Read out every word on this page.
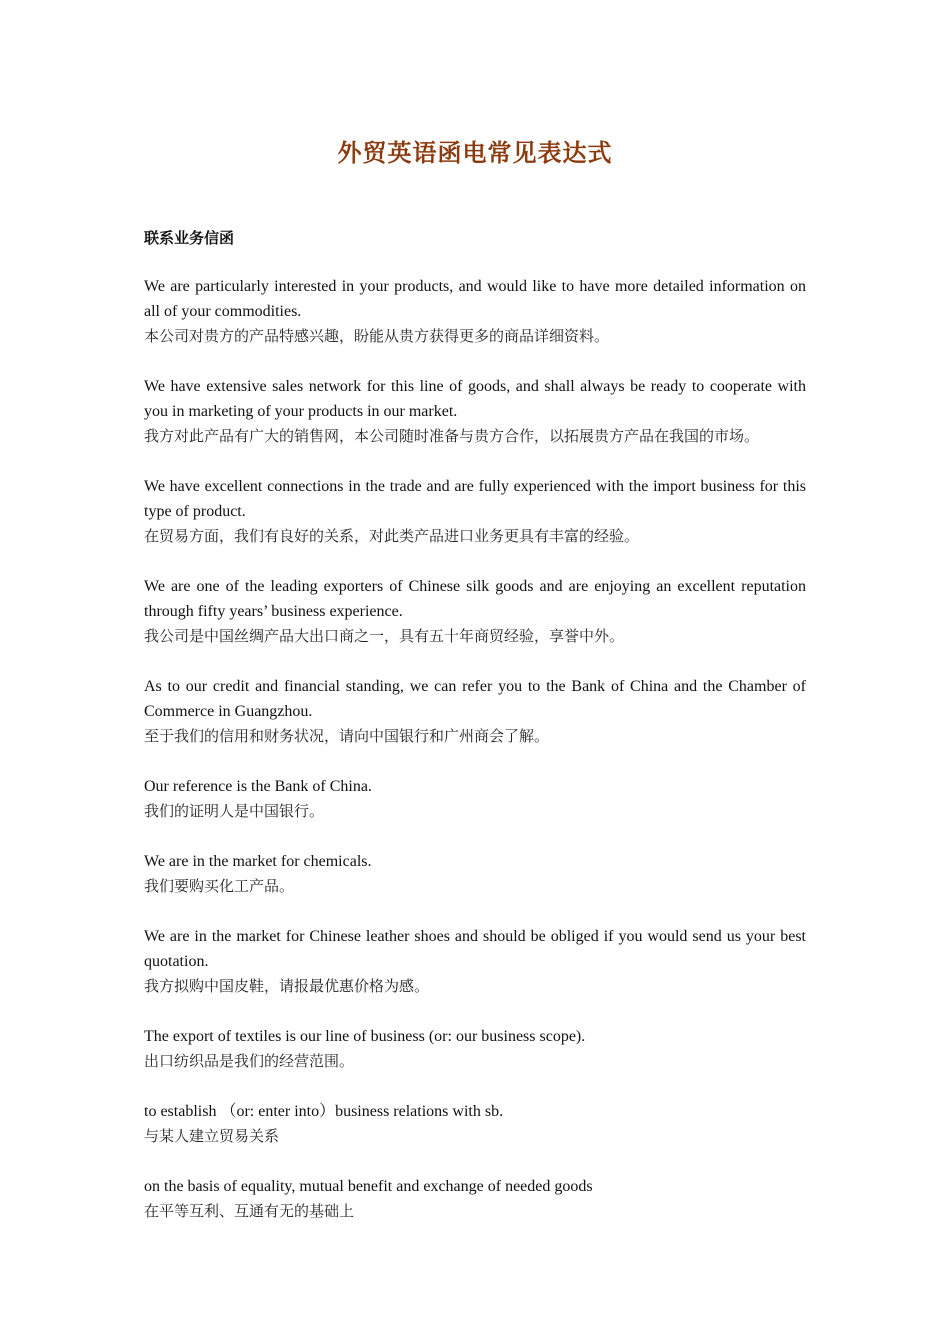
外贸英语函电常见表达式
联系业务信函

We are particularly interested in your products, and would like to have more detailed information on all of your commodities.

本公司对贵方的产品特感兴趣，盼能从贵方获得更多的商品详细资料。

We have extensive sales network for this line of goods, and shall always be ready to cooperate with you in marketing of your products in our market.

我方对此产品有广大的销售网，本公司随时准备与贵方合作，以拓展贵方产品在我国的市场。

We have excellent connections in the trade and are fully experienced with the import business for this type of product.

在贸易方面，我们有良好的关系，对此类产品进口业务更具有丰富的经验。

We are one of the leading exporters of Chinese silk goods and are enjoying an excellent reputation through fifty years’ business experience.

我公司是中国丝绸产品大出口商之一，具有五十年商贸经验，享誉中外。

As to our credit and financial standing, we can refer you to the Bank of China and the Chamber of Commerce in Guangzhou.

至于我们的信用和财务状况，请向中国银行和广州商会了解。

Our reference is the Bank of China.

我们的证明人是中国银行。

We are in the market for chemicals.

我们要购买化工产品。

We are in the market for Chinese leather shoes and should be obliged if you would send us your best quotation.

我方拟购中国皮鞋，请报最优惠价格为感。

The export of textiles is our line of business (or: our business scope).

出口纺织品是我们的经营范围。

to establish （or: enter into）business relations with sb.

与某人建立贸易关系

on the basis of equality, mutual benefit and exchange of needed goods

在平等互利、互通有无的基础上
